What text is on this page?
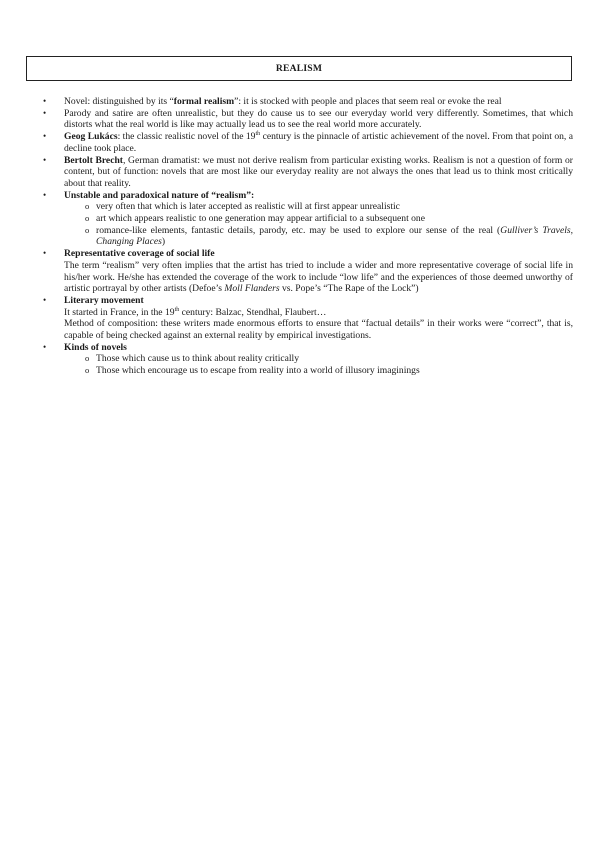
REALISM
• Novel: distinguished by its “formal realism”: it is stocked with people and places that seem real or evoke the real

• Parody and satire are often unrealistic, but they do cause us to see our everyday world very differently. Sometimes, that which distorts what the real world is like may actually lead us to see the real world more accurately.

• Geog Lukács: the classic realistic novel of the 19th century is the pinnacle of artistic achievement of the novel. From that point on, a decline took place.

• Bertolt Brecht, German dramatist: we must not derive realism from particular existing works. Realism is not a question of form or content, but of function: novels that are most like our everyday reality are not always the ones that lead us to think most critically about that reality.

• Unstable and paradoxical nature of “realism”:

o very often that which is later accepted as realistic will at first appear unrealistic
o art which appears realistic to one generation may appear artificial to a subsequent one
o romance-like elements, fantastic details, parody, etc. may be used to explore our sense of the real (Gulliver’s Travels, Changing Places)
• Representative coverage of social life

The term “realism” very often implies that the artist has tried to include a wider and more representative coverage of social life in his/her work. He/she has extended the coverage of the work to include “low life” and the experiences of those deemed unworthy of artistic portrayal by other artists (Defoe’s Moll Flanders vs. Pope’s “The Rape of the Lock”)

• Literary movement

It started in France, in the 19th century: Balzac, Stendhal, Flaubert…

Method of composition: these writers made enormous efforts to ensure that “factual details” in their works were “correct”, that is, capable of being checked against an external reality by empirical investigations.

• Kinds of novels

o Those which cause us to think about reality critically
o Those which encourage us to escape from reality into a world of illusory imaginings
